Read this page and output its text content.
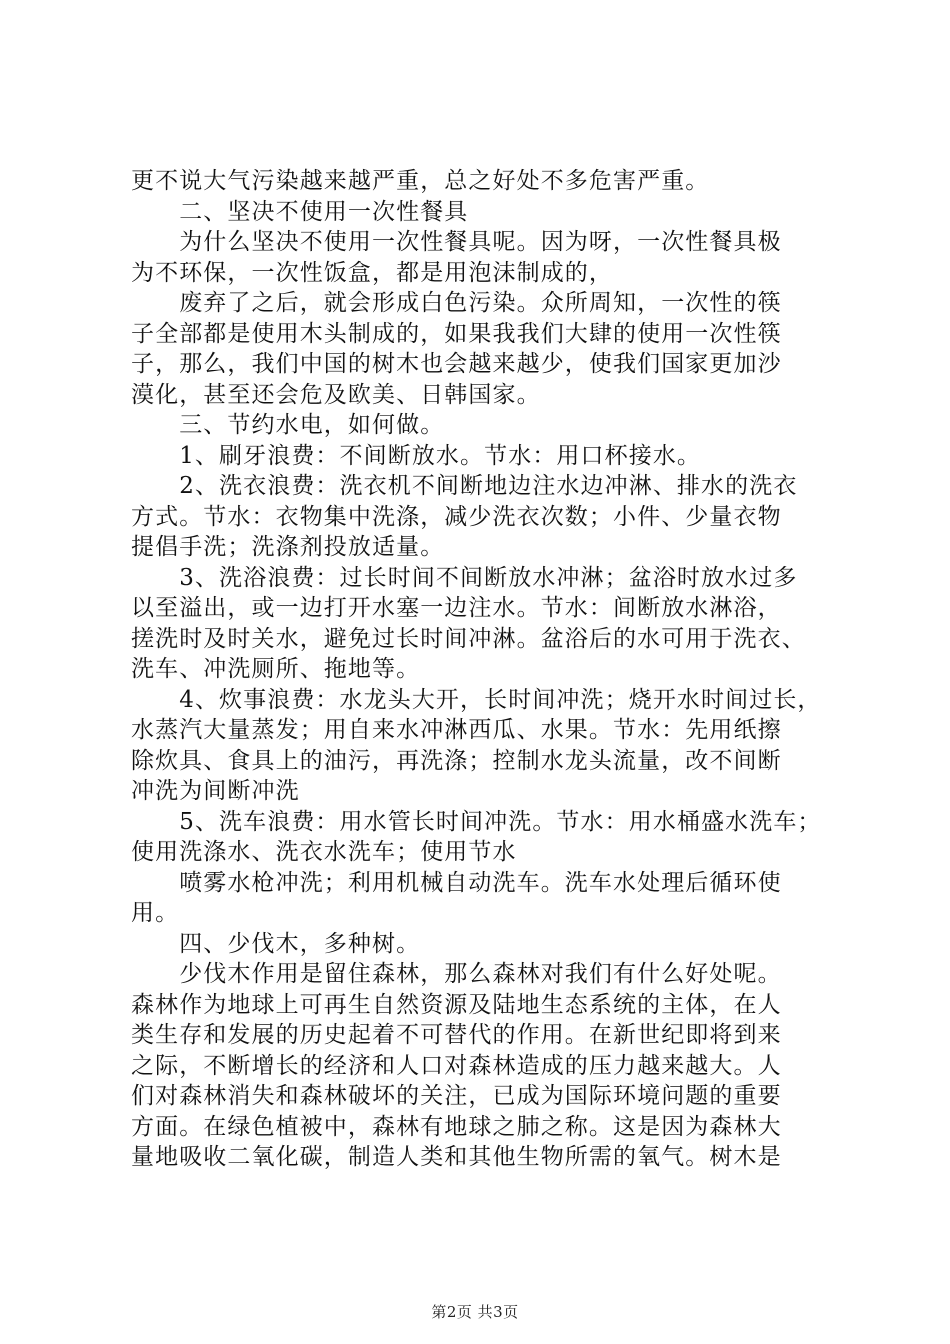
更不说大气污染越来越严重，总之好处不多危害严重。
　　二、坚决不使用一次性餐具
　　为什么坚决不使用一次性餐具呢。因为呀，一次性餐具极
为不环保，一次性饭盒，都是用泡沫制成的，
　　废弃了之后，就会形成白色污染。众所周知，一次性的筷
子全部都是使用木头制成的，如果我我们大肆的使用一次性筷
子，那么，我们中国的树木也会越来越少，使我们国家更加沙
漠化，甚至还会危及欧美、日韩国家。
　　三、节约水电，如何做。
　　1、刷牙浪费：不间断放水。节水：用口杯接水。
　　2、洗衣浪费：洗衣机不间断地边注水边冲淋、排水的洗衣
方式。节水：衣物集中洗涤，减少洗衣次数；小件、少量衣物
提倡手洗；洗涤剂投放适量。
　　3、洗浴浪费：过长时间不间断放水冲淋；盆浴时放水过多
以至溢出，或一边打开水塞一边注水。节水：间断放水淋浴，
搓洗时及时关水，避免过长时间冲淋。盆浴后的水可用于洗衣、
洗车、冲洗厕所、拖地等。
　　4、炊事浪费：水龙头大开，长时间冲洗；烧开水时间过长，
水蒸汽大量蒸发；用自来水冲淋西瓜、水果。节水：先用纸擦
除炊具、食具上的油污，再洗涤；控制水龙头流量，改不间断
冲洗为间断冲洗
　　5、洗车浪费：用水管长时间冲洗。节水：用水桶盛水洗车；
使用洗涤水、洗衣水洗车；使用节水
　　喷雾水枪冲洗；利用机械自动洗车。洗车水处理后循环使
用。
　　四、少伐木，多种树。
　　少伐木作用是留住森林，那么森林对我们有什么好处呢。
森林作为地球上可再生自然资源及陆地生态系统的主体，在人
类生存和发展的历史起着不可替代的作用。在新世纪即将到来
之际，不断增长的经济和人口对森林造成的压力越来越大。人
们对森林消失和森林破坏的关注，已成为国际环境问题的重要
方面。在绿色植被中，森林有地球之肺之称。这是因为森林大
量地吸收二氧化碳，制造人类和其他生物所需的氧气。树木是
第2页 共3页
